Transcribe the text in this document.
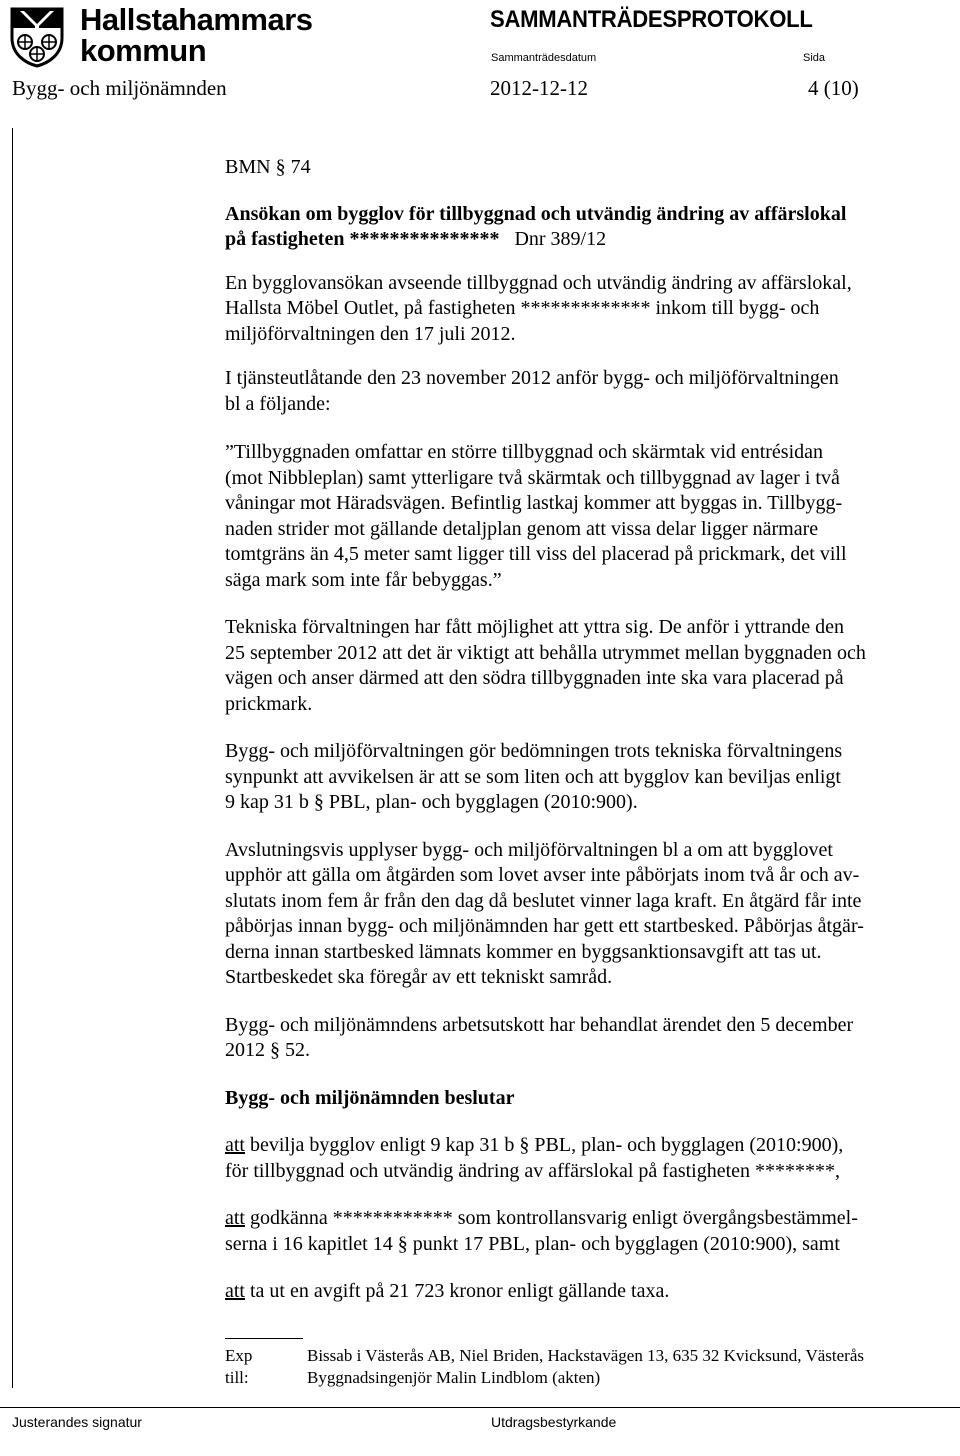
Hallstahammars
kommun
SAMMANTRÄDESPROTOKOLL
Sammanträdesdatum	Sida
Bygg- och miljönämnden	2012-12-12	4 (10)

BMN § 74

Ansökan om bygglov för tillbyggnad och utvändig ändring av affärslokal

på fastigheten *************** Dnr 389/12

En bygglovansökan avseende tillbyggnad och utvändig ändring av affärslokal,

Hallsta Möbel Outlet, på fastigheten ************* inkom till bygg- och

miljöförvaltningen den 17 juli 2012.

I tjänsteutlåtande den 23 november 2012 anför bygg- och miljöförvaltningen

bl a följande:

”Tillbyggnaden omfattar en större tillbyggnad och skärmtak vid entrésidan

(mot Nibbleplan) samt ytterligare två skärmtak och tillbyggnad av lager i två

våningar mot Häradsvägen. Befintlig lastkaj kommer att byggas in. Tillbygg-

naden strider mot gällande detaljplan genom att vissa delar ligger närmare

tomtgräns än 4,5 meter samt ligger till viss del placerad på prickmark, det vill

säga mark som inte får bebyggas.”

Tekniska förvaltningen har fått möjlighet att yttra sig. De anför i yttrande den

25 september 2012 att det är viktigt att behålla utrymmet mellan byggnaden och

vägen och anser därmed att den södra tillbyggnaden inte ska vara placerad på

prickmark.

Bygg- och miljöförvaltningen gör bedömningen trots tekniska förvaltningens

synpunkt att avvikelsen är att se som liten och att bygglov kan beviljas enligt

9 kap 31 b § PBL, plan- och bygglagen (2010:900).

Avslutningsvis upplyser bygg- och miljöförvaltningen bl a om att bygglovet

upphör att gälla om åtgärden som lovet avser inte påbörjats inom två år och av-

slutats inom fem år från den dag då beslutet vinner laga kraft. En åtgärd får inte

påbörjas innan bygg- och miljönämnden har gett ett startbesked. Påbörjas åtgär-

derna innan startbesked lämnats kommer en byggsanktionsavgift att tas ut.

Startbeskedet ska föregår av ett tekniskt samråd.

Bygg- och miljönämndens arbetsutskott har behandlat ärendet den 5 december

2012 § 52.

Bygg- och miljönämnden beslutar

att bevilja bygglov enligt 9 kap 31 b § PBL, plan- och bygglagen (2010:900),

för tillbyggnad och utvändig ändring av affärslokal på fastigheten ********,

att godkänna ************ som kontrollansvarig enligt övergångsbestämmel-

serna i 16 kapitlet 14 § punkt 17 PBL, plan- och bygglagen (2010:900), samt

att ta ut en avgift på 21 723 kronor enligt gällande taxa.

Exp till:
Bissab i Västerås AB, Niel Briden, Hackstavägen 13, 635 32 Kvicksund, Västerås
Byggnadsingenjör Malin Lindblom (akten)
Justerandes signatur	Utdragsbestyrkande
